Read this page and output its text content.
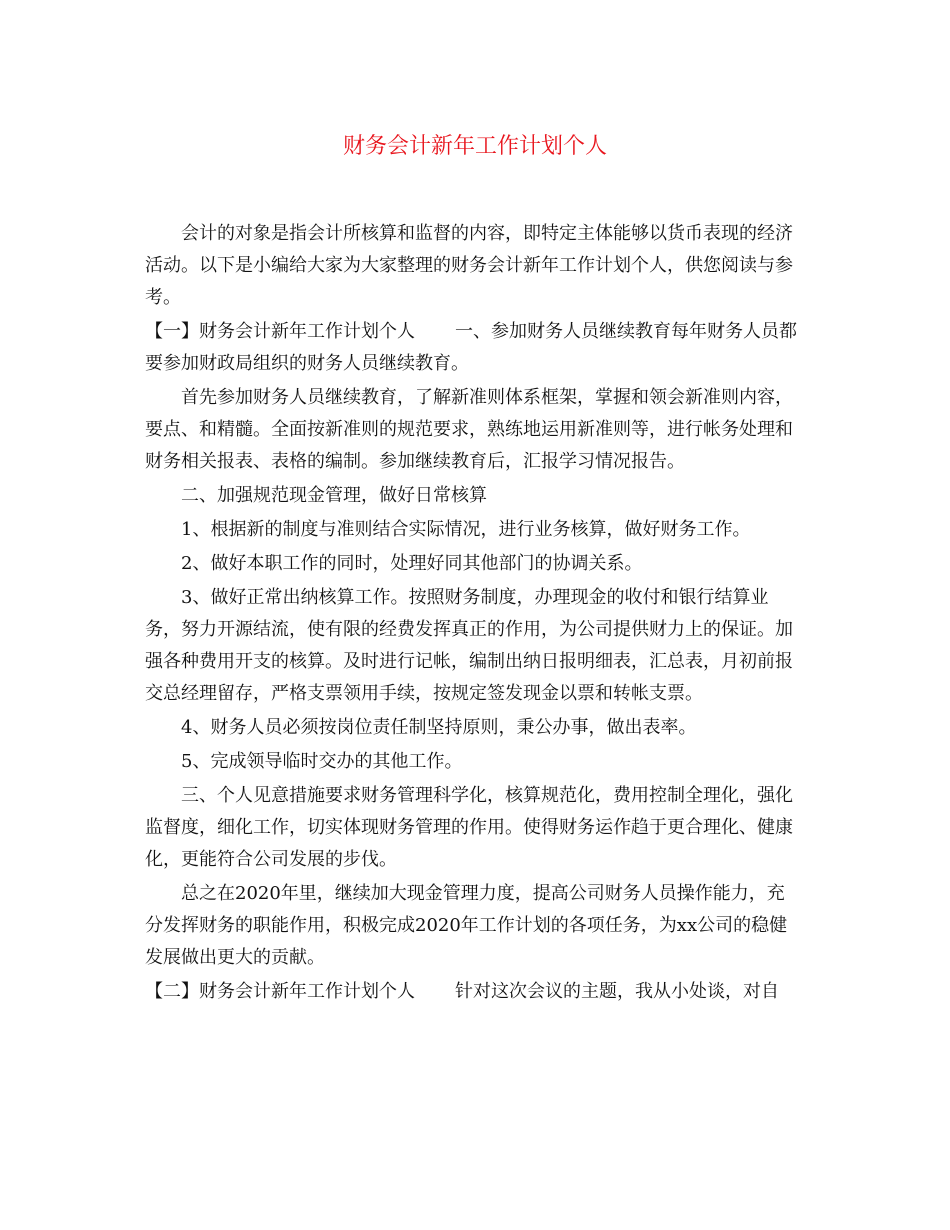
财务会计新年工作计划个人

会计的对象是指会计所核算和监督的内容，即特定主体能够以货币表现的经济活动。以下是小编给大家为大家整理的财务会计新年工作计划个人，供您阅读与参考。

【一】财务会计新年工作计划个人 一、参加财务人员继续教育每年财务人员都要参加财政局组织的财务人员继续教育。

首先参加财务人员继续教育，了解新准则体系框架，掌握和领会新准则内容，要点、和精髓。全面按新准则的规范要求，熟练地运用新准则等，进行帐务处理和财务相关报表、表格的编制。参加继续教育后，汇报学习情况报告。

二、加强规范现金管理，做好日常核算

1、根据新的制度与准则结合实际情况，进行业务核算，做好财务工作。

2、做好本职工作的同时，处理好同其他部门的协调关系。

3、做好正常出纳核算工作。按照财务制度，办理现金的收付和银行结算业务，努力开源结流，使有限的经费发挥真正的作用，为公司提供财力上的保证。加强各种费用开支的核算。及时进行记帐，编制出纳日报明细表，汇总表，月初前报交总经理留存，严格支票领用手续，按规定签发现金以票和转帐支票。

4、财务人员必须按岗位责任制坚持原则，秉公办事，做出表率。

5、完成领导临时交办的其他工作。

三、个人见意措施要求财务管理科学化，核算规范化，费用控制全理化，强化监督度，细化工作，切实体现财务管理的作用。使得财务运作趋于更合理化、健康化，更能符合公司发展的步伐。

总之在2020年里，继续加大现金管理力度，提高公司财务人员操作能力，充分发挥财务的职能作用，积极完成2020年工作计划的各项任务，为xx公司的稳健发展做出更大的贡献。

【二】财务会计新年工作计划个人 针对这次会议的主题，我从小处谈，对自
